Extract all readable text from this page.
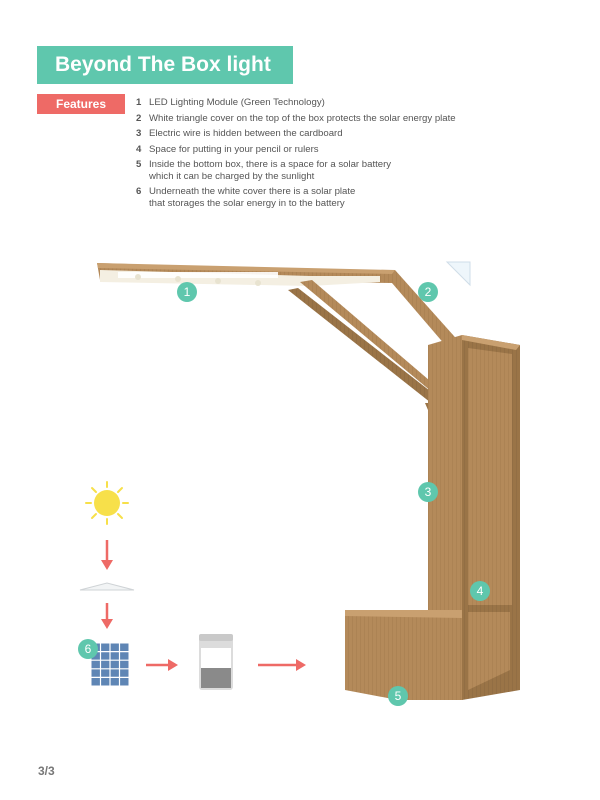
Beyond The Box light
Features	1 LED Lighting Module (Green Technology)
2 White triangle cover on the top of the box protects the solar energy plate
3 Electric wire is hidden between the cardboard
4 Space for putting in your pencil or rulers
5 Inside the bottom box, there is a space for a solar battery
which it can be charged by the sunlight
6 Underneath the white cover there is a solar plate
that storages the solar energy in to the battery
1	2
3
4
5
6
3/3
